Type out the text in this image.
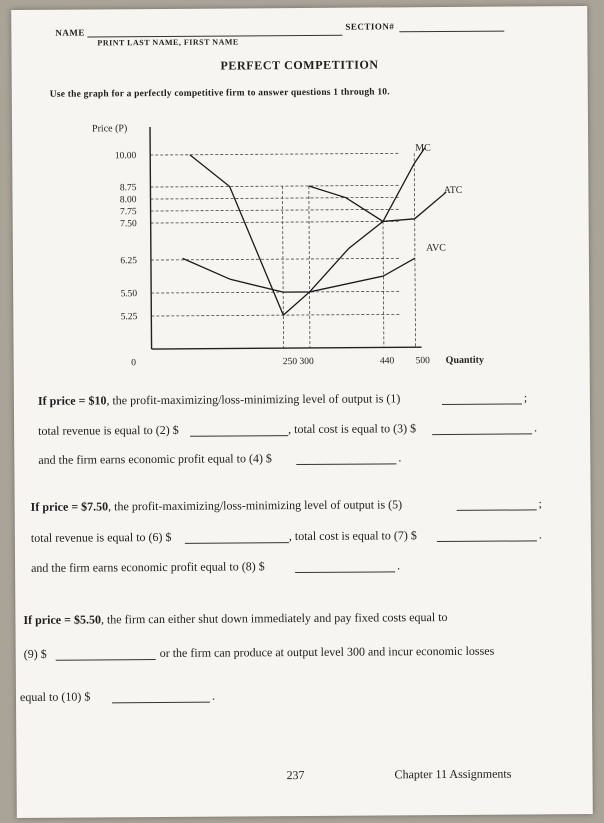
NAME
SECTION#
PRINT LAST NAME, FIRST NAME
PERFECT COMPETITION
Use the graph for a perfectly competitive firm to answer questions 1 through 10.
10.00
8.75
8.00
7.75
7.50
6.25
5.50
5.25
MC
ATC
AVC
Price (P)
0	250 300	440 500 Quantity
If price = $10, the profit-maximizing/loss-minimizing level of output is (1)	;
total revenue is equal to (2) $	, total cost is equal to (3) $	.
and the firm earns economic profit equal to (4) $	.
If price = $7.50, the profit-maximizing/loss-minimizing level of output is (5)	;
total revenue is equal to (6) $	, total cost is equal to (7) $	.
and the firm earns economic profit equal to (8) $	.
If price = $5.50, the firm can either shut down immediately and pay fixed costs equal to
(9) $	or the firm can produce at output level 300 and incur economic losses
equal to (10) $	.
237	Chapter 11 Assignments
